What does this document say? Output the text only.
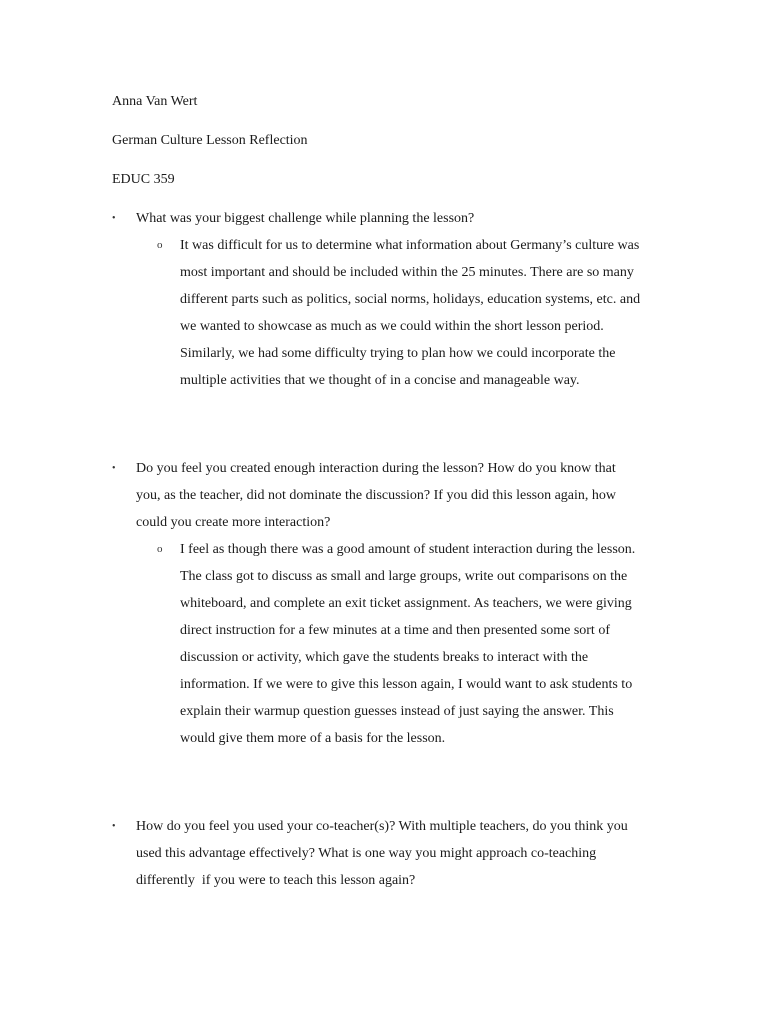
Anna Van Wert
German Culture Lesson Reflection
EDUC 359
•	What was your biggest challenge while planning the lesson?
o	It was difficult for us to determine what information about Germany’s culture was
most important and should be included within the 25 minutes. There are so many
different parts such as politics, social norms, holidays, education systems, etc. and
we wanted to showcase as much as we could within the short lesson period.
Similarly, we had some difficulty trying to plan how we could incorporate the
multiple activities that we thought of in a concise and manageable way.
•	Do you feel you created enough interaction during the lesson? How do you know that
you, as the teacher, did not dominate the discussion? If you did this lesson again, how
could you create more interaction?
o	I feel as though there was a good amount of student interaction during the lesson.
The class got to discuss as small and large groups, write out comparisons on the
whiteboard, and complete an exit ticket assignment. As teachers, we were giving
direct instruction for a few minutes at a time and then presented some sort of
discussion or activity, which gave the students breaks to interact with the
information. If we were to give this lesson again, I would want to ask students to
explain their warmup question guesses instead of just saying the answer. This
would give them more of a basis for the lesson.
•	How do you feel you used your co-teacher(s)? With multiple teachers, do you think you
used this advantage effectively? What is one way you might approach co-teaching
differently  if you were to teach this lesson again?
